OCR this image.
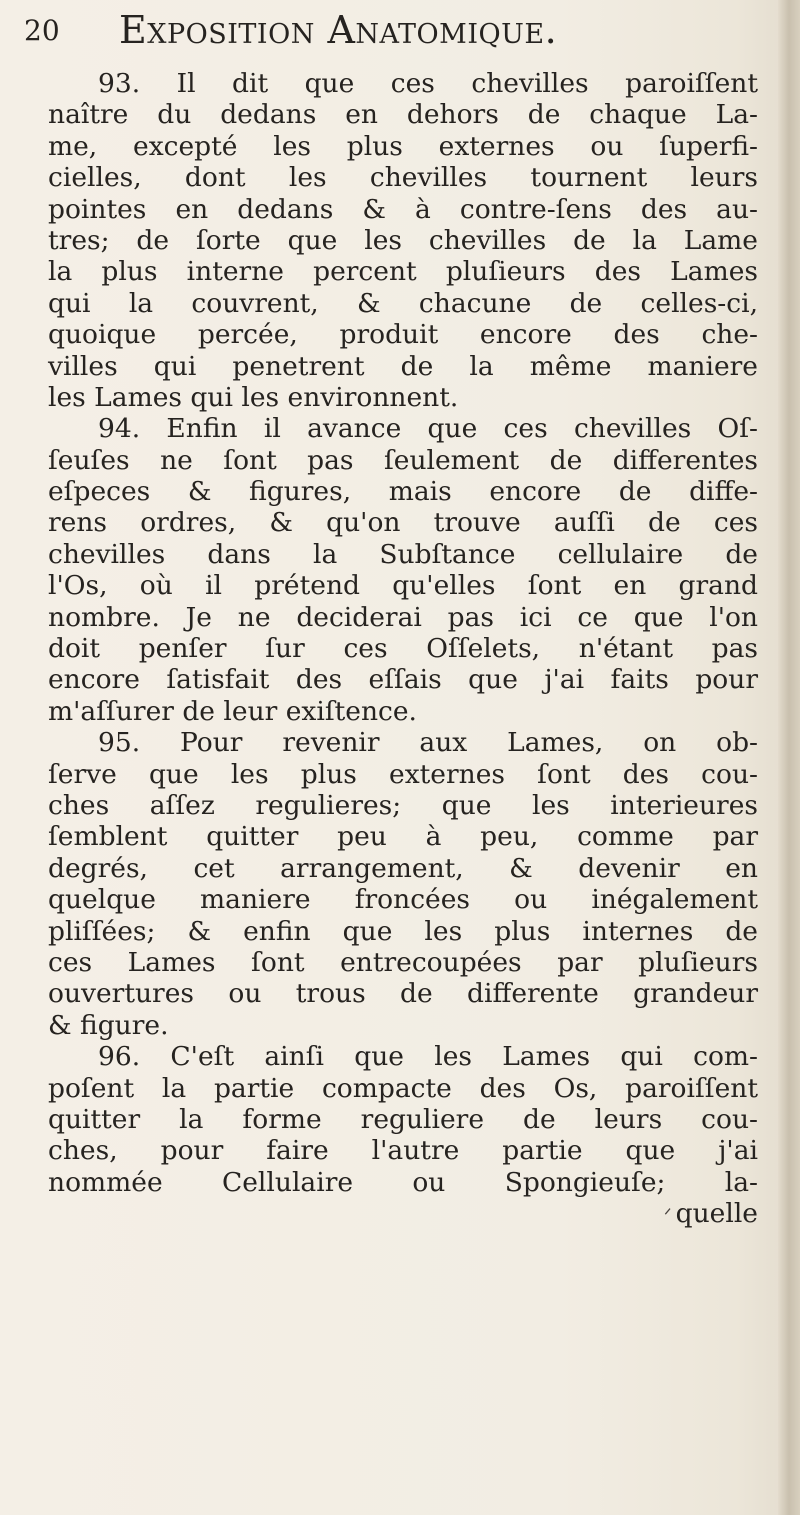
20 Exposition Anatomique.
93. Il dit que ces chevilles paroiſſent
naître du dedans en dehors de chaque La-
me, excepté les plus externes ou ſuperfi-
cielles, dont les chevilles tournent leurs
pointes en dedans & à contre-ſens des au-
tres; de ſorte que les chevilles de la Lame
la plus interne percent pluſieurs des Lames
qui la couvrent, & chacune de celles-ci,
quoique percée, produit encore des che-
villes qui penetrent de la même maniere
les Lames qui les environnent.
94. Enfin il avance que ces chevilles Oſ-
ſeuſes ne ſont pas ſeulement de differentes
eſpeces & figures, mais encore de diffe-
rens ordres, & qu'on trouve auſſi de ces
chevilles dans la Subſtance cellulaire de
l'Os, où il prétend qu'elles ſont en grand
nombre. Je ne deciderai pas ici ce que l'on
doit penſer ſur ces Oſſelets, n'étant pas
encore ſatisfait des eſſais que j'ai faits pour
m'aſſurer de leur exiſtence.
95. Pour revenir aux Lames, on ob-
ſerve que les plus externes ſont des cou-
ches aſſez regulieres; que les interieures
ſemblent quitter peu à peu, comme par
degrés, cet arrangement, & devenir en
quelque maniere froncées ou inégalement
pliſſées; & enfin que les plus internes de
ces Lames ſont entrecoupées par pluſieurs
ouvertures ou trous de differente grandeur
& figure.
96. C'eſt ainſi que les Lames qui com-
poſent la partie compacte des Os, paroiſſent
quitter la forme reguliere de leurs cou-
ches, pour faire l'autre partie que j'ai
nommée Cellulaire ou Spongieuſe; la-
quelle
ᐟ
